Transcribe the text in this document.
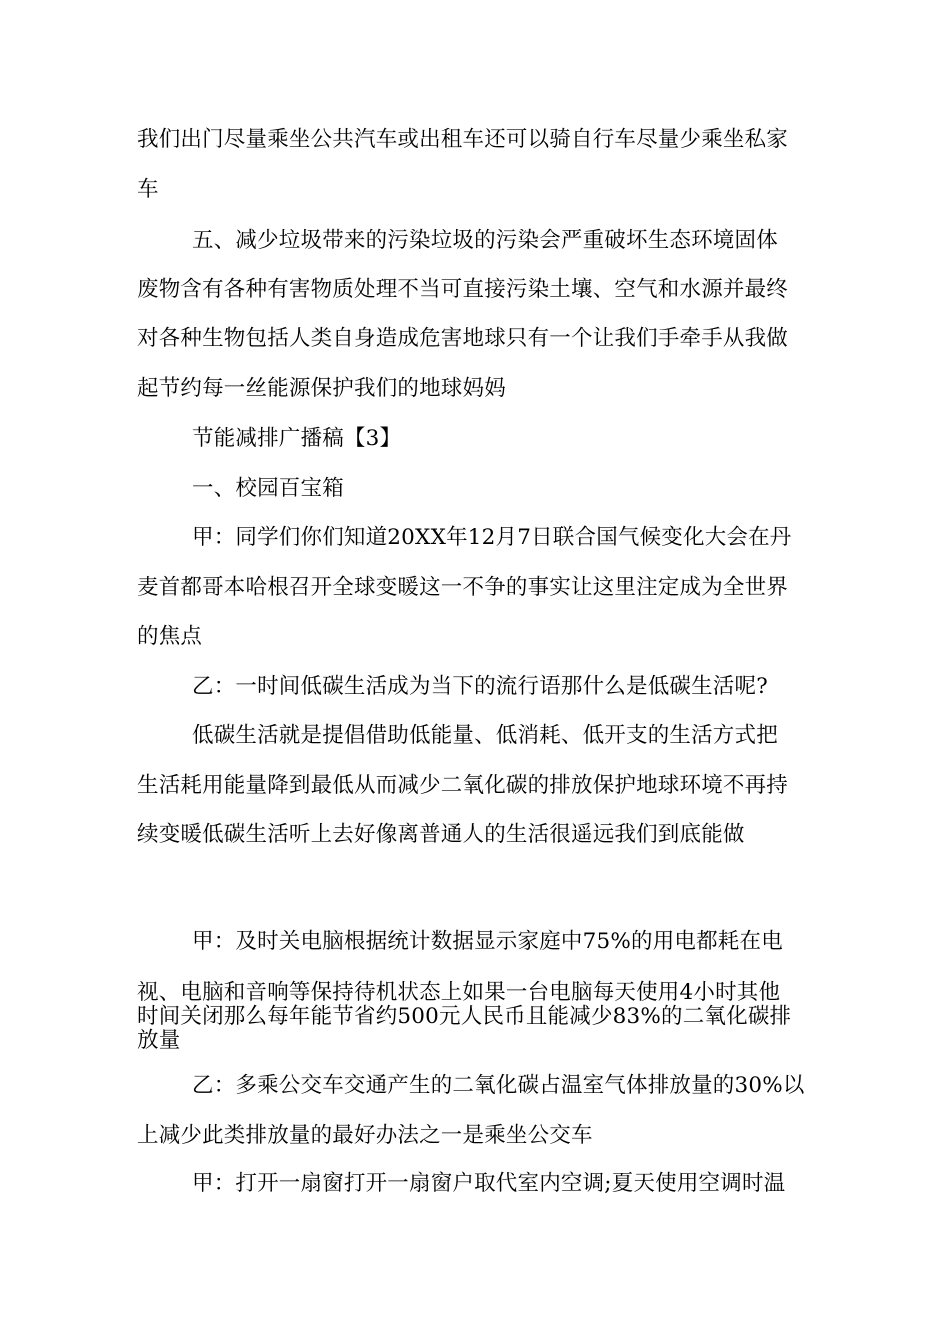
我们出门尽量乘坐公共汽车或出租车还可以骑自行车尽量少乘坐私家
车
五、减少垃圾带来的污染垃圾的污染会严重破坏生态环境固体
废物含有各种有害物质处理不当可直接污染土壤、空气和水源并最终
对各种生物包括人类自身造成危害地球只有一个让我们手牵手从我做
起节约每一丝能源保护我们的地球妈妈
节能减排广播稿【3】
一、校园百宝箱
甲：同学们你们知道20XX年12月7日联合国气候变化大会在丹
麦首都哥本哈根召开全球变暖这一不争的事实让这里注定成为全世界
的焦点
乙：一时间低碳生活成为当下的流行语那什么是低碳生活呢?
低碳生活就是提倡借助低能量、低消耗、低开支的生活方式把
生活耗用能量降到最低从而减少二氧化碳的排放保护地球环境不再持
续变暖低碳生活听上去好像离普通人的生活很遥远我们到底能做
甲：及时关电脑根据统计数据显示家庭中75%的用电都耗在电
视、电脑和音响等保持待机状态上如果一台电脑每天使用4小时其他
时间关闭那么每年能节省约500元人民币且能减少83%的二氧化碳排
放量
乙：多乘公交车交通产生的二氧化碳占温室气体排放量的30%以
上减少此类排放量的最好办法之一是乘坐公交车
甲：打开一扇窗打开一扇窗户取代室内空调;夏天使用空调时温
